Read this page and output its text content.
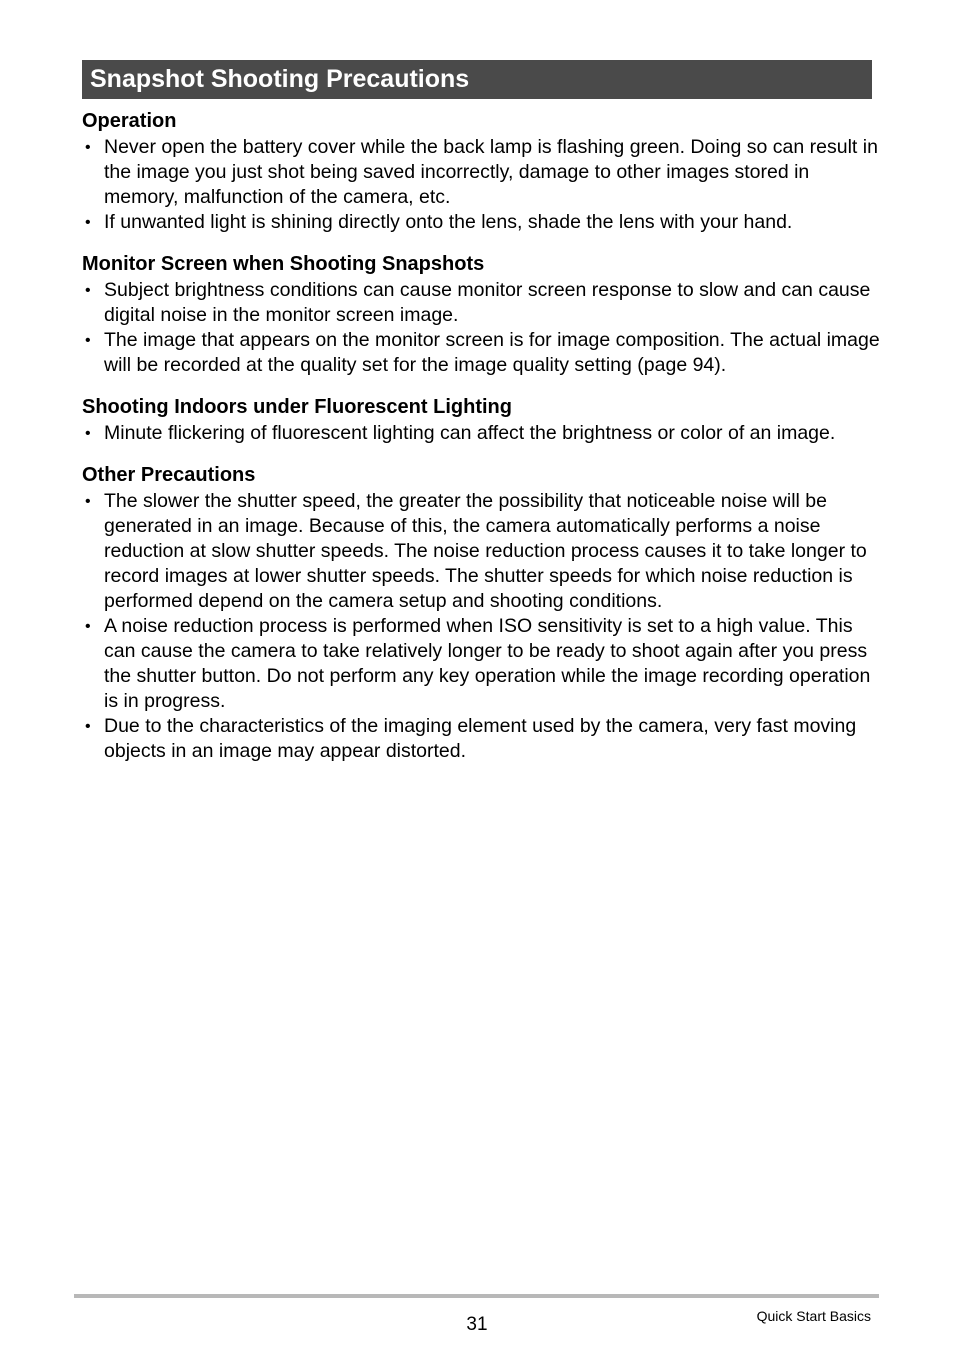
Snapshot Shooting Precautions
Operation
• Never open the battery cover while the back lamp is flashing green. Doing so can result in the image you just shot being saved incorrectly, damage to other images stored in memory, malfunction of the camera, etc.
• If unwanted light is shining directly onto the lens, shade the lens with your hand.
Monitor Screen when Shooting Snapshots
• Subject brightness conditions can cause monitor screen response to slow and can cause digital noise in the monitor screen image.
• The image that appears on the monitor screen is for image composition. The actual image will be recorded at the quality set for the image quality setting (page 94).
Shooting Indoors under Fluorescent Lighting
• Minute flickering of fluorescent lighting can affect the brightness or color of an image.
Other Precautions
• The slower the shutter speed, the greater the possibility that noticeable noise will be generated in an image. Because of this, the camera automatically performs a noise reduction at slow shutter speeds. The noise reduction process causes it to take longer to record images at lower shutter speeds. The shutter speeds for which noise reduction is performed depend on the camera setup and shooting conditions.
• A noise reduction process is performed when ISO sensitivity is set to a high value. This can cause the camera to take relatively longer to be ready to shoot again after you press the shutter button. Do not perform any key operation while the image recording operation is in progress.
• Due to the characteristics of the imaging element used by the camera, very fast moving objects in an image may appear distorted.
31	Quick Start Basics
